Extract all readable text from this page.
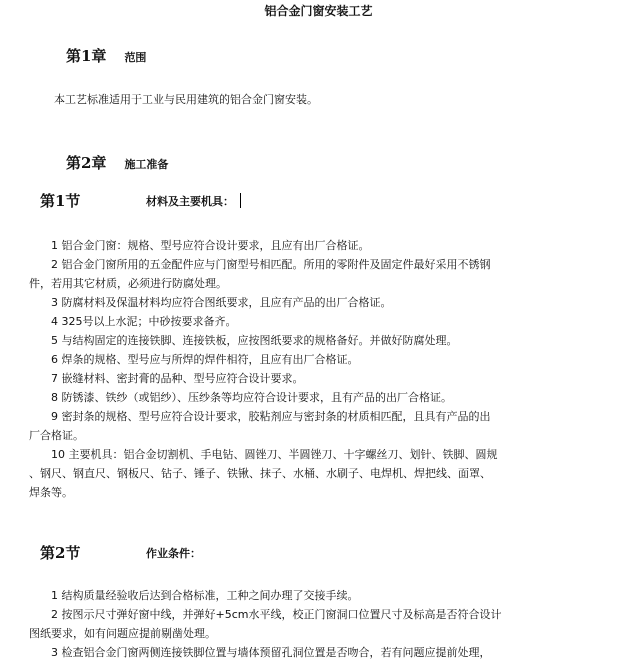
铝合金门窗安装工艺
第1章 范围
本工艺标准适用于工业与民用建筑的铝合金门窗安装。
第2章 施工准备
第1节	材料及主要机具：
1 铝合金门窗：规格、型号应符合设计要求，且应有出厂合格证。
2 铝合金门窗所用的五金配件应与门窗型号相匹配。所用的零附件及固定件最好采用不锈钢
件，若用其它材质，必须进行防腐处理。
3 防腐材料及保温材料均应符合图纸要求，且应有产品的出厂合格证。
4 325号以上水泥；中砂按要求备齐。
5 与结构固定的连接铁脚、连接铁板，应按图纸要求的规格备好。并做好防腐处理。
6 焊条的规格、型号应与所焊的焊件相符，且应有出厂合格证。
7 嵌缝材料、密封膏的品种、型号应符合设计要求。
8 防锈漆、铁纱（或铝纱）、压纱条等均应符合设计要求，且有产品的出厂合格证。
9 密封条的规格、型号应符合设计要求，胶粘剂应与密封条的材质相匹配，且具有产品的出
厂合格证。
10 主要机具：铝合金切割机、手电钻、圆锉刀、半圆锉刀、十字螺丝刀、划针、铁脚、圆规
、钢尺、钢直尺、钢板尺、钻子、锤子、铁锹、抹子、水桶、水刷子、电焊机、焊把线、面罩、
焊条等。
第2节	作业条件：
1 结构质量经验收后达到合格标准，工种之间办理了交接手续。
2 按图示尺寸弹好窗中线，并弹好+5cm水平线，校正门窗洞口位置尺寸及标高是否符合设计
图纸要求，如有问题应提前剔凿处理。
3 检查铝合金门窗两侧连接铁脚位置与墙体预留孔洞位置是否吻合，若有问题应提前处理，
